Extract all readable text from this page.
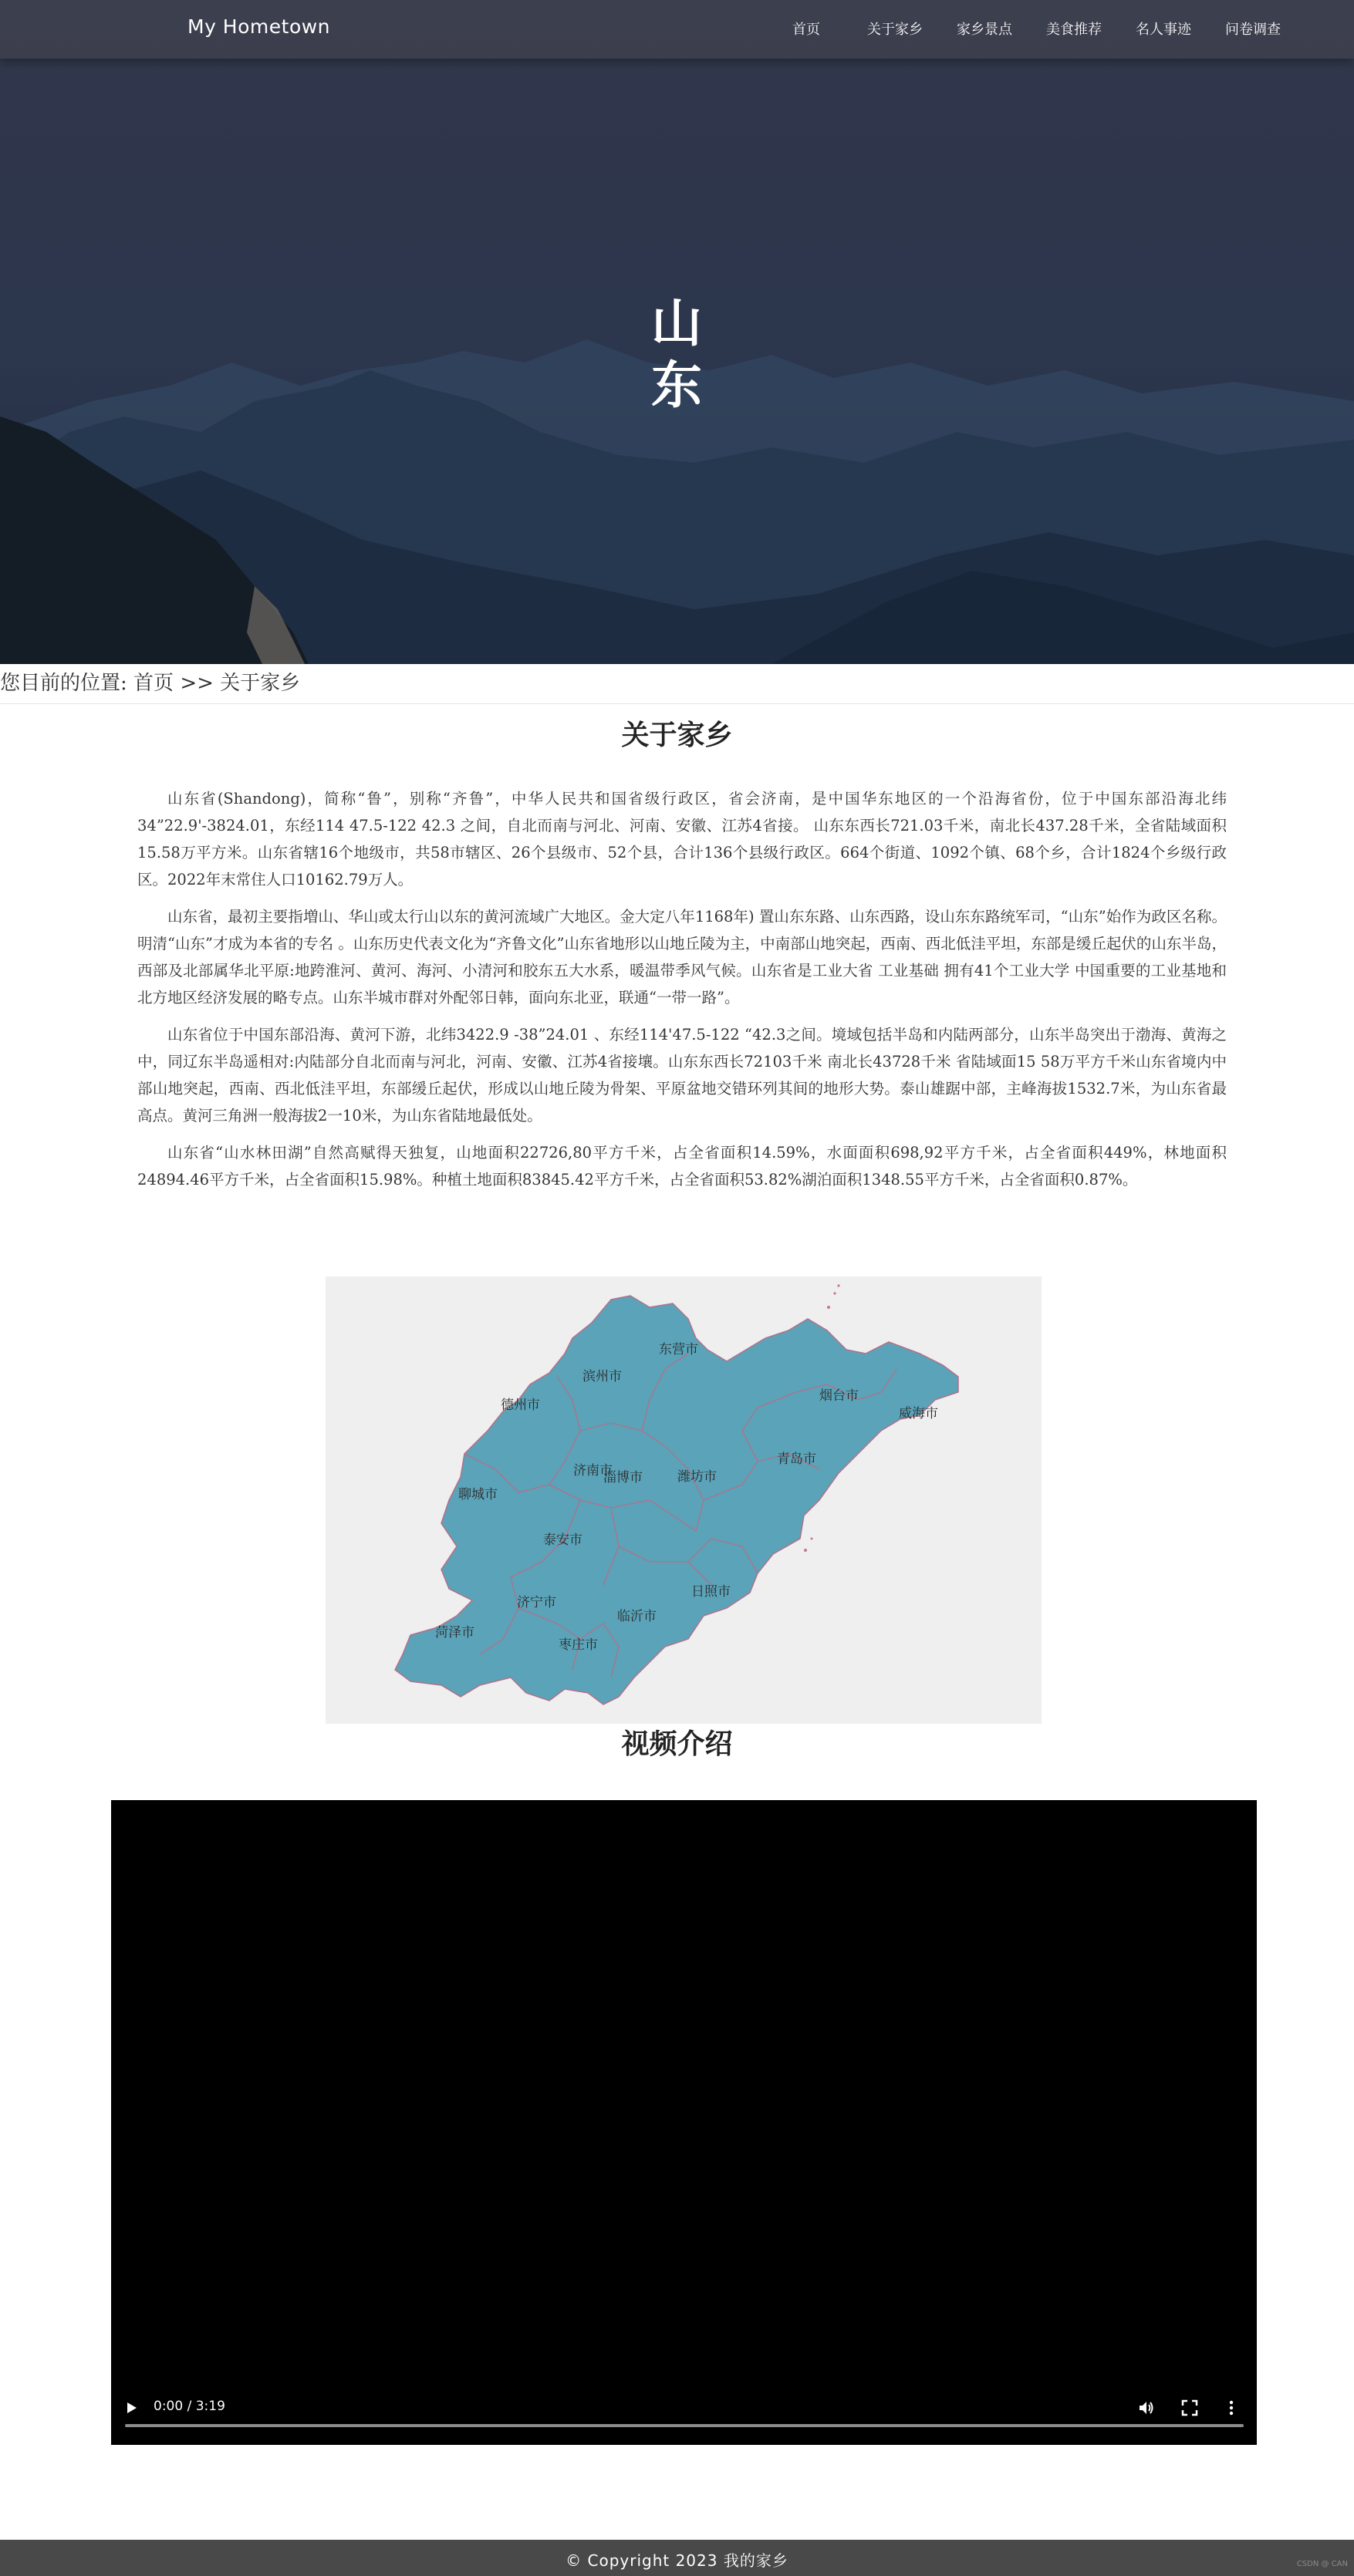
My Hometown	首页	关于家乡 家乡景点 美食推荐 名人事迹 问卷调查
山
东
您目前的位置: 首页 >> 关于家乡
关于家乡

山东省(Shandong)，简称“鲁”，别称“齐鲁”，中华人民共和国省级行政区，省会济南，是中国华东地区的一个沿海省份，位于中国东部沿海北纬34”22.9'-3824.01，东经114 47.5-122 42.3 之间，自北而南与河北、河南、安徽、江苏4省接。 山东东西长721.03千米，南北长437.28千米，全省陆域面积15.58万平方米。山东省辖16个地级市，共58市辖区、26个县级市、52个县，合计136个县级行政区。664个街道、1092个镇、68个乡，合计1824个乡级行政区。2022年末常住人口10162.79万人。

山东省，最初主要指増山、华山或太行山以东的黄河流域广大地区。金大定八年1168年) 置山东东路、山东西路，设山东东路统军司，“山东”始作为政区名称。明清“山东”才成为本省的专名 。山东历史代表文化为“齐鲁文化”山东省地形以山地丘陵为主，中南部山地突起，西南、西北低洼平坦，东部是缓丘起伏的山东半岛，西部及北部属华北平原:地跨淮河、黄河、海河、小清河和胶东五大水系，暖温带季风气候。山东省是工业大省 工业基础 拥有41个工业大学 中国重要的工业基地和北方地区经济发展的略专点。山东半城市群对外配邻日韩，面向东北亚，联通“一带一路”。

山东省位于中国东部沿海、黄河下游，北纬3422.9 -38”24.01 、东经114'47.5-122 “42.3之间。境域包括半岛和内陆两部分，山东半岛突出于渤海、黄海之中，同辽东半岛遥相对:内陆部分自北而南与河北，河南、安徽、江苏4省接壤。山东东西长72103千米 南北长43728千米 省陆域面15 58万平方千米山东省境内中部山地突起，西南、西北低洼平坦，东部缓丘起伏，形成以山地丘陵为骨架、平原盆地交错环列其间的地形大势。泰山雄踞中部，主峰海拔1532.7米，为山东省最高点。黄河三角洲一般海拔2一10米，为山东省陆地最低处。

山东省“山水林田湖”自然高赋得天独复，山地面积22726,80平方千米，占全省面积14.59%，水面面积698,92平方千米，占全省面积449%，林地面积24894.46平方千米，占全省面积15.98%。种植土地面积83845.42平方千米，占全省面积53.82%湖泊面积1348.55平方千米，占全省面积0.87%。

东营市
滨州市
烟台市
威海市
德州市
济南市
淄博市	潍坊市
青岛市
聊城市
泰安市
济宁市
日照市
临沂市
菏泽市
枣庄市
视频介绍
0:00 / 3:19
© Copyright 2023 我的家乡	CSDN @ CAN
